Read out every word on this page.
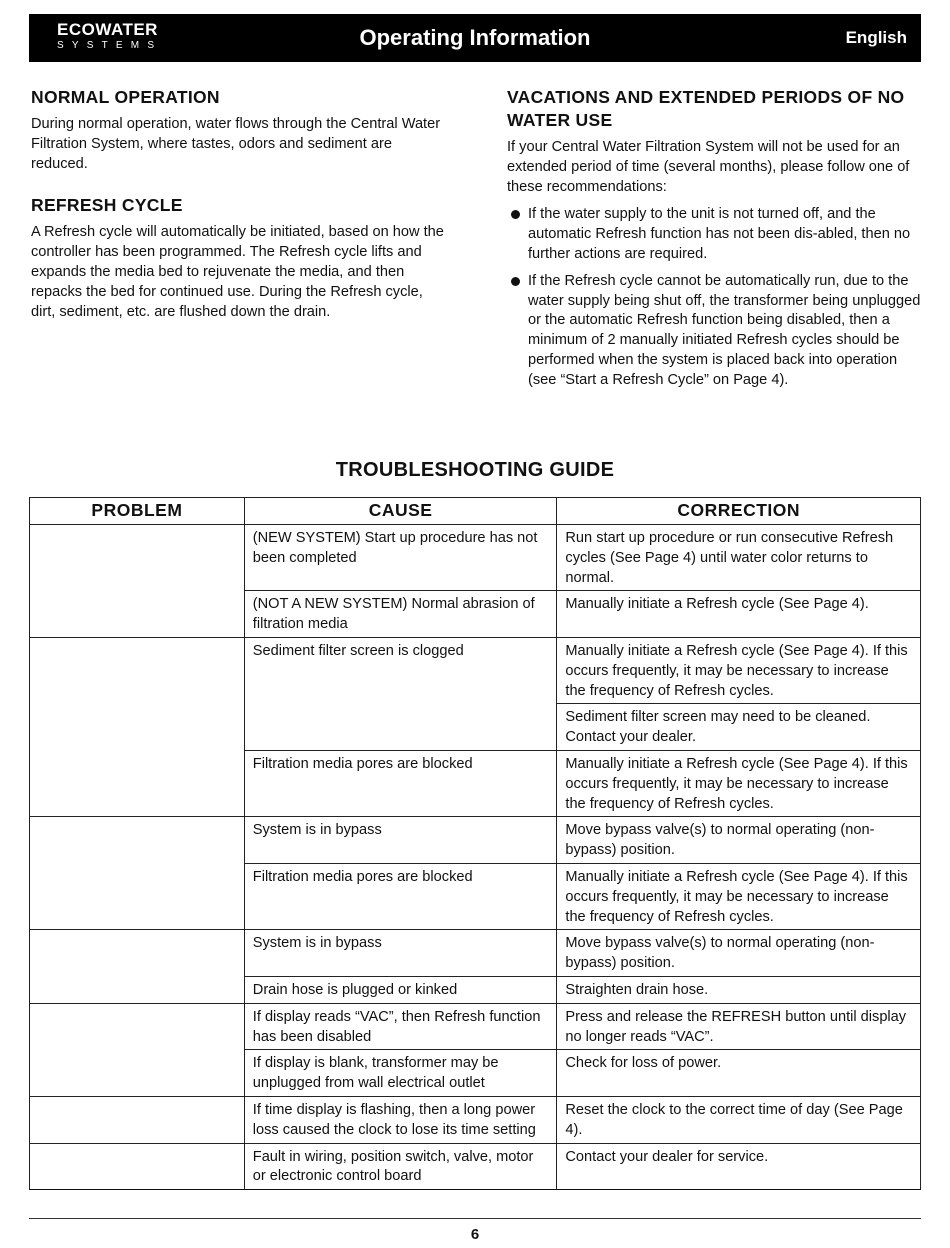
ECOWATER
SYSTEMS	Operating Information	English
NORMAL OPERATION

During normal operation, water flows through the Central Water Filtration System, where tastes, odors and sediment are reduced.

REFRESH CYCLE

A Refresh cycle will automatically be initiated, based on how the controller has been programmed. The Refresh cycle lifts and expands the media bed to rejuvenate the media, and then repacks the bed for continued use. During the Refresh cycle, dirt, sediment, etc. are flushed down the drain.

VACATIONS AND EXTENDED PERIODS OF NO WATER USE

If your Central Water Filtration System will not be used for an extended period of time (several months), please follow one of these recommendations:

If the water supply to the unit is not turned off, and the automatic Refresh function has not been dis-abled, then no further actions are required.
If the Refresh cycle cannot be automatically run, due to the water supply being shut off, the transformer being unplugged or the automatic Refresh function being disabled, then a minimum of 2 manually initiated Refresh cycles should be performed when the system is placed back into operation (see “Start a Refresh Cycle” on Page 4).
TROUBLESHOOTING GUIDE
PROBLEM	CAUSE	CORRECTION
	(NEW SYSTEM) Start up procedure has not been completed	Run start up procedure or run consecutive Refresh cycles (See Page 4) until water color returns to normal.
	(NOT A NEW SYSTEM) Normal abrasion of filtration media	Manually initiate a Refresh cycle (See Page 4).
	Sediment filter screen is clogged	Manually initiate a Refresh cycle (See Page 4). If this occurs frequently, it may be necessary to increase the frequency of Refresh cycles.
		Sediment filter screen may need to be cleaned. Contact your dealer.
	Filtration media pores are blocked	Manually initiate a Refresh cycle (See Page 4). If this occurs frequently, it may be necessary to increase the frequency of Refresh cycles.
	System is in bypass	Move bypass valve(s) to normal operating (non-bypass) position.
	Filtration media pores are blocked	Manually initiate a Refresh cycle (See Page 4). If this occurs frequently, it may be necessary to increase the frequency of Refresh cycles.
	System is in bypass	Move bypass valve(s) to normal operating (non-bypass) position.
	Drain hose is plugged or kinked	Straighten drain hose.
	If display reads “VAC”, then Refresh function has been disabled	Press and release the REFRESH button until display no longer reads “VAC”.
	If display is blank, transformer may be unplugged from wall electrical outlet	Check for loss of power.
	If time display is flashing, then a long power loss caused the clock to lose its time setting	Reset the clock to the correct time of day (See Page 4).
	Fault in wiring, position switch, valve, motor or electronic control board	Contact your dealer for service.
6
